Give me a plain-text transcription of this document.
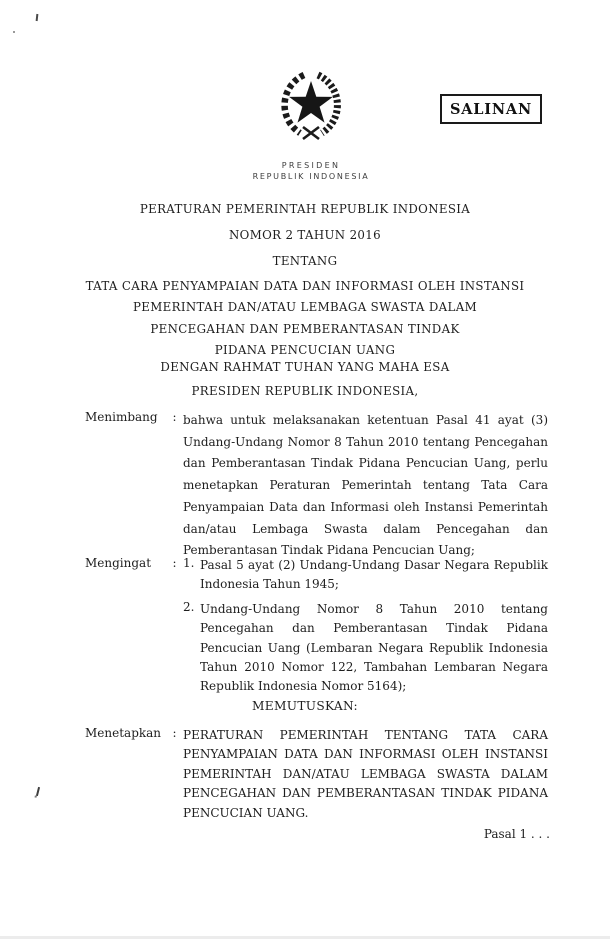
SALINAN
PRESIDEN
REPUBLIK INDONESIA
PERATURAN PEMERINTAH REPUBLIK INDONESIA
NOMOR 2 TAHUN 2016
TENTANG
TATA CARA PENYAMPAIAN DATA DAN INFORMASI OLEH INSTANSI
PEMERINTAH DAN/ATAU LEMBAGA SWASTA DALAM
PENCEGAHAN DAN PEMBERANTASAN TINDAK
PIDANA PENCUCIAN UANG
DENGAN RAHMAT TUHAN YANG MAHA ESA
PRESIDEN REPUBLIK INDONESIA,
Menimbang	: bahwa untuk melaksanakan ketentuan Pasal 41 ayat (3)
Undang-Undang Nomor 8 Tahun 2010 tentang Pencegahan
dan Pemberantasan Tindak Pidana Pencucian Uang, perlu
menetapkan Peraturan Pemerintah tentang Tata Cara
Penyampaian Data dan Informasi oleh Instansi Pemerintah
dan/atau Lembaga Swasta dalam Pencegahan dan
Pemberantasan Tindak Pidana Pencucian Uang;
Mengingat	: 1. Pasal 5 ayat (2) Undang-Undang Dasar Negara Republik
Indonesia Tahun 1945;
2. Undang-Undang Nomor 8 Tahun 2010 tentang
Pencegahan dan Pemberantasan Tindak Pidana
Pencucian Uang (Lembaran Negara Republik Indonesia
Tahun 2010 Nomor 122, Tambahan Lembaran Negara
Republik Indonesia Nomor 5164);
MEMUTUSKAN:
Menetapkan : PERATURAN PEMERINTAH TENTANG TATA CARA
PENYAMPAIAN DATA DAN INFORMASI OLEH INSTANSI
PEMERINTAH DAN/ATAU LEMBAGA SWASTA DALAM
PENCEGAHAN DAN PEMBERANTASAN TINDAK PIDANA
PENCUCIAN UANG.
Pasal 1 . . .
